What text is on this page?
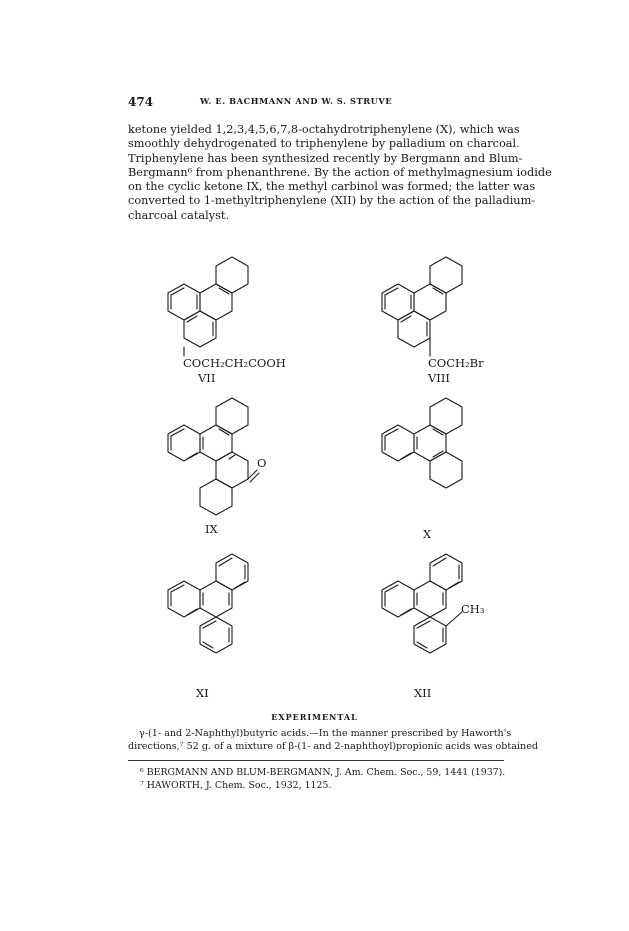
474	W. E. BACHMANN AND W. S. STRUVE

ketone yielded 1,2,3,4,5,6,7,8-octahydrotriphenylene (X), which was
smoothly dehydrogenated to triphenylene by palladium on charcoal.
Triphenylene has been synthesized recently by Bergmann and Blum-
Bergmann⁶ from phenanthrene. By the action of methylmagnesium iodide
on the cyclic ketone IX, the methyl carbinol was formed; the latter was
converted to 1-methyltriphenylene (XII) by the action of the palladium-
charcoal catalyst.

COCH₂CH₂COOH
VII
COCH₂Br
VIII
O
IX	X
XI
CH₃
XII
EXPERIMENTAL

γ-(1- and 2-Naphthyl)butyric acids.—In the manner prescribed by Haworth's
directions,⁷ 52 g. of a mixture of β-(1- and 2-naphthoyl)propionic acids was obtained

⁶ BERGMANN AND BLUM-BERGMANN, J. Am. Chem. Soc., 59, 1441 (1937).
⁷ HAWORTH, J. Chem. Soc., 1932, 1125.
